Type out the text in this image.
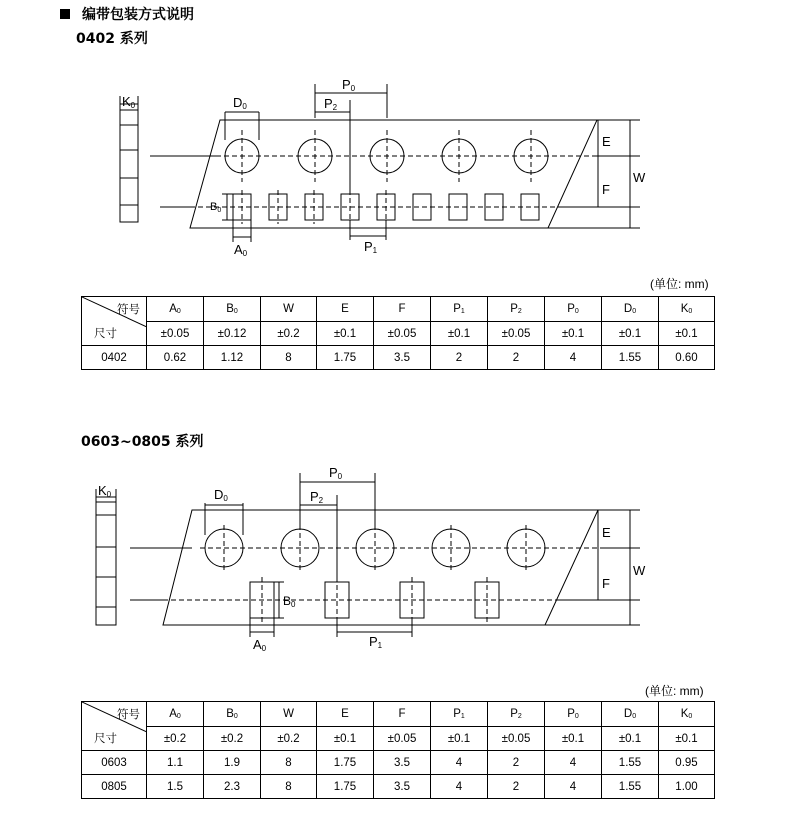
编带包装方式说明
0402 系列
K0	D0
P0
P2
E
F
W
B0
A0	P1
(单位: mm)
符号
尺寸	$A_0$	$B_0$	W	E	F	$P_1$	$P_2$	$P_0$	$D_0$	$K_0$
	±0.05	±0.12	±0.2	±0.1	±0.05	±0.1	±0.05	±0.1	±0.1	±0.1
0402	0.62	1.12	8	1.75	3.5	2	2	4	1.55	0.60
0603~0805 系列
K0	D0
P0
P2
E
F
W
B0
A0	P1
(单位: mm)
符号
尺寸	$A_0$	$B_0$	W	E	F	$P_1$	$P_2$	$P_0$	$D_0$	$K_0$
	±0.2	±0.2	±0.2	±0.1	±0.05	±0.1	±0.05	±0.1	±0.1	±0.1
0603	1.1	1.9	8	1.75	3.5	4	2	4	1.55	0.95
0805	1.5	2.3	8	1.75	3.5	4	2	4	1.55	1.00
